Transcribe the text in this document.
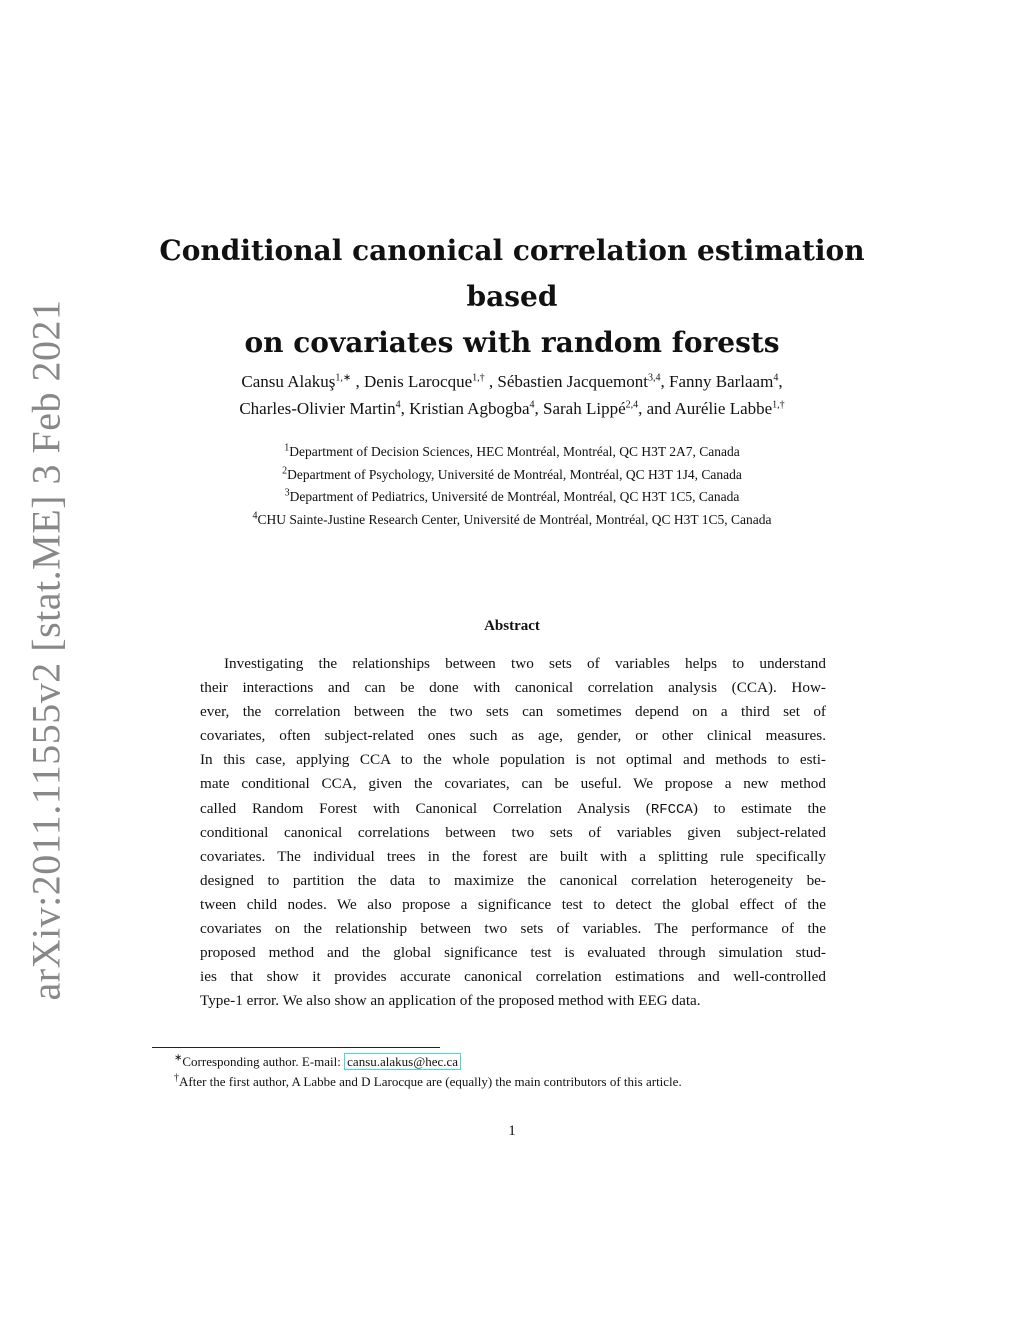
arXiv:2011.11555v2 [stat.ME] 3 Feb 2021
Conditional canonical correlation estimation based
on covariates with random forests
Cansu Alakuş$^{1,∗}$ , Denis Larocque$^{1,\dagger}$ , Sébastien Jacquemont$^{3,4}$, Fanny Barlaam$^4$,
Charles-Olivier Martin$^4$, Kristian Agbogba$^4$, Sarah Lippé$^{2,4}$, and Aurélie Labbe$^{1,\dagger}$
$^1$Department of Decision Sciences, HEC Montréal, Montréal, QC H3T 2A7, Canada
$^2$Department of Psychology, Université de Montréal, Montréal, QC H3T 1J4, Canada
$^3$Department of Pediatrics, Université de Montréal, Montréal, QC H3T 1C5, Canada
$^4$CHU Sainte-Justine Research Center, Université de Montréal, Montréal, QC H3T 1C5, Canada
Abstract
Investigating the relationships between two sets of variables helps to understand
their interactions and can be done with canonical correlation analysis (CCA). How-
ever, the correlation between the two sets can sometimes depend on a third set of
covariates, often subject-related ones such as age, gender, or other clinical measures.
In this case, applying CCA to the whole population is not optimal and methods to esti-
mate conditional CCA, given the covariates, can be useful. We propose a new method
called Random Forest with Canonical Correlation Analysis (RFCCA) to estimate the
conditional canonical correlations between two sets of variables given subject-related
covariates. The individual trees in the forest are built with a splitting rule specifically
designed to partition the data to maximize the canonical correlation heterogeneity be-
tween child nodes. We also propose a significance test to detect the global effect of the
covariates on the relationship between two sets of variables. The performance of the
proposed method and the global significance test is evaluated through simulation stud-
ies that show it provides accurate canonical correlation estimations and well-controlled
Type-1 error. We also show an application of the proposed method with EEG data.
∗Corresponding author. E-mail: cansu.alakus@hec.ca
†After the first author, A Labbe and D Larocque are (equally) the main contributors of this article.
1
